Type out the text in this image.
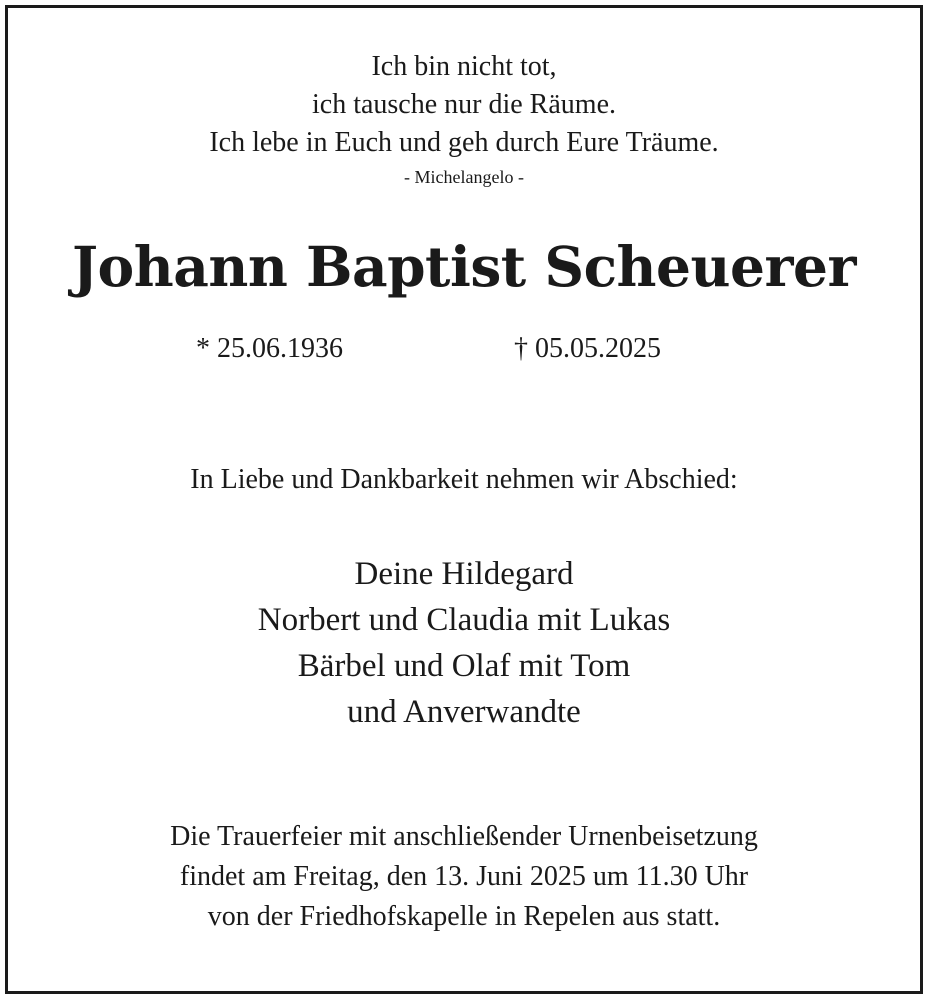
Ich bin nicht tot,
ich tausche nur die Räume.
Ich lebe in Euch und geh durch Eure Träume.
- Michelangelo -
Johann Baptist Scheuerer
* 25.06.1936	† 05.05.2025
In Liebe und Dankbarkeit nehmen wir Abschied:
Deine Hildegard
Norbert und Claudia mit Lukas
Bärbel und Olaf mit Tom
und Anverwandte
Die Trauerfeier mit anschließender Urnenbeisetzung
findet am Freitag, den 13. Juni 2025 um 11.30 Uhr
von der Friedhofskapelle in Repelen aus statt.
